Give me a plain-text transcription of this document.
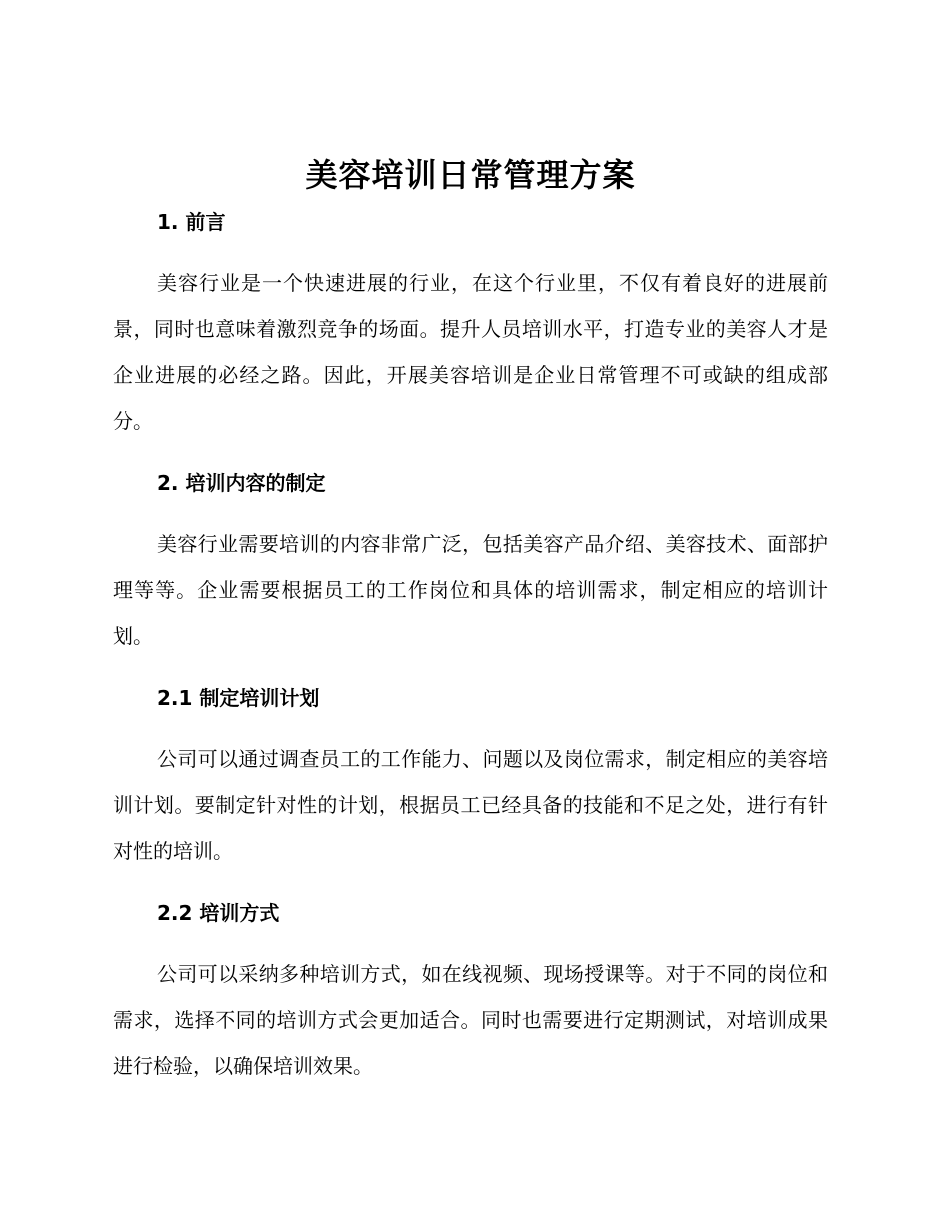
美容培训日常管理方案
1. 前言

美容行业是一个快速进展的行业，在这个行业里，不仅有着良好的进展前景，同时也意味着激烈竞争的场面。提升人员培训水平，打造专业的美容人才是企业进展的必经之路。因此，开展美容培训是企业日常管理不可或缺的组成部分。

2. 培训内容的制定

美容行业需要培训的内容非常广泛，包括美容产品介绍、美容技术、面部护理等等。企业需要根据员工的工作岗位和具体的培训需求，制定相应的培训计划。

2.1 制定培训计划

公司可以通过调查员工的工作能力、问题以及岗位需求，制定相应的美容培训计划。要制定针对性的计划，根据员工已经具备的技能和不足之处，进行有针对性的培训。

2.2 培训方式

公司可以采纳多种培训方式，如在线视频、现场授课等。对于不同的岗位和需求，选择不同的培训方式会更加适合。同时也需要进行定期测试，对培训成果进行检验，以确保培训效果。
